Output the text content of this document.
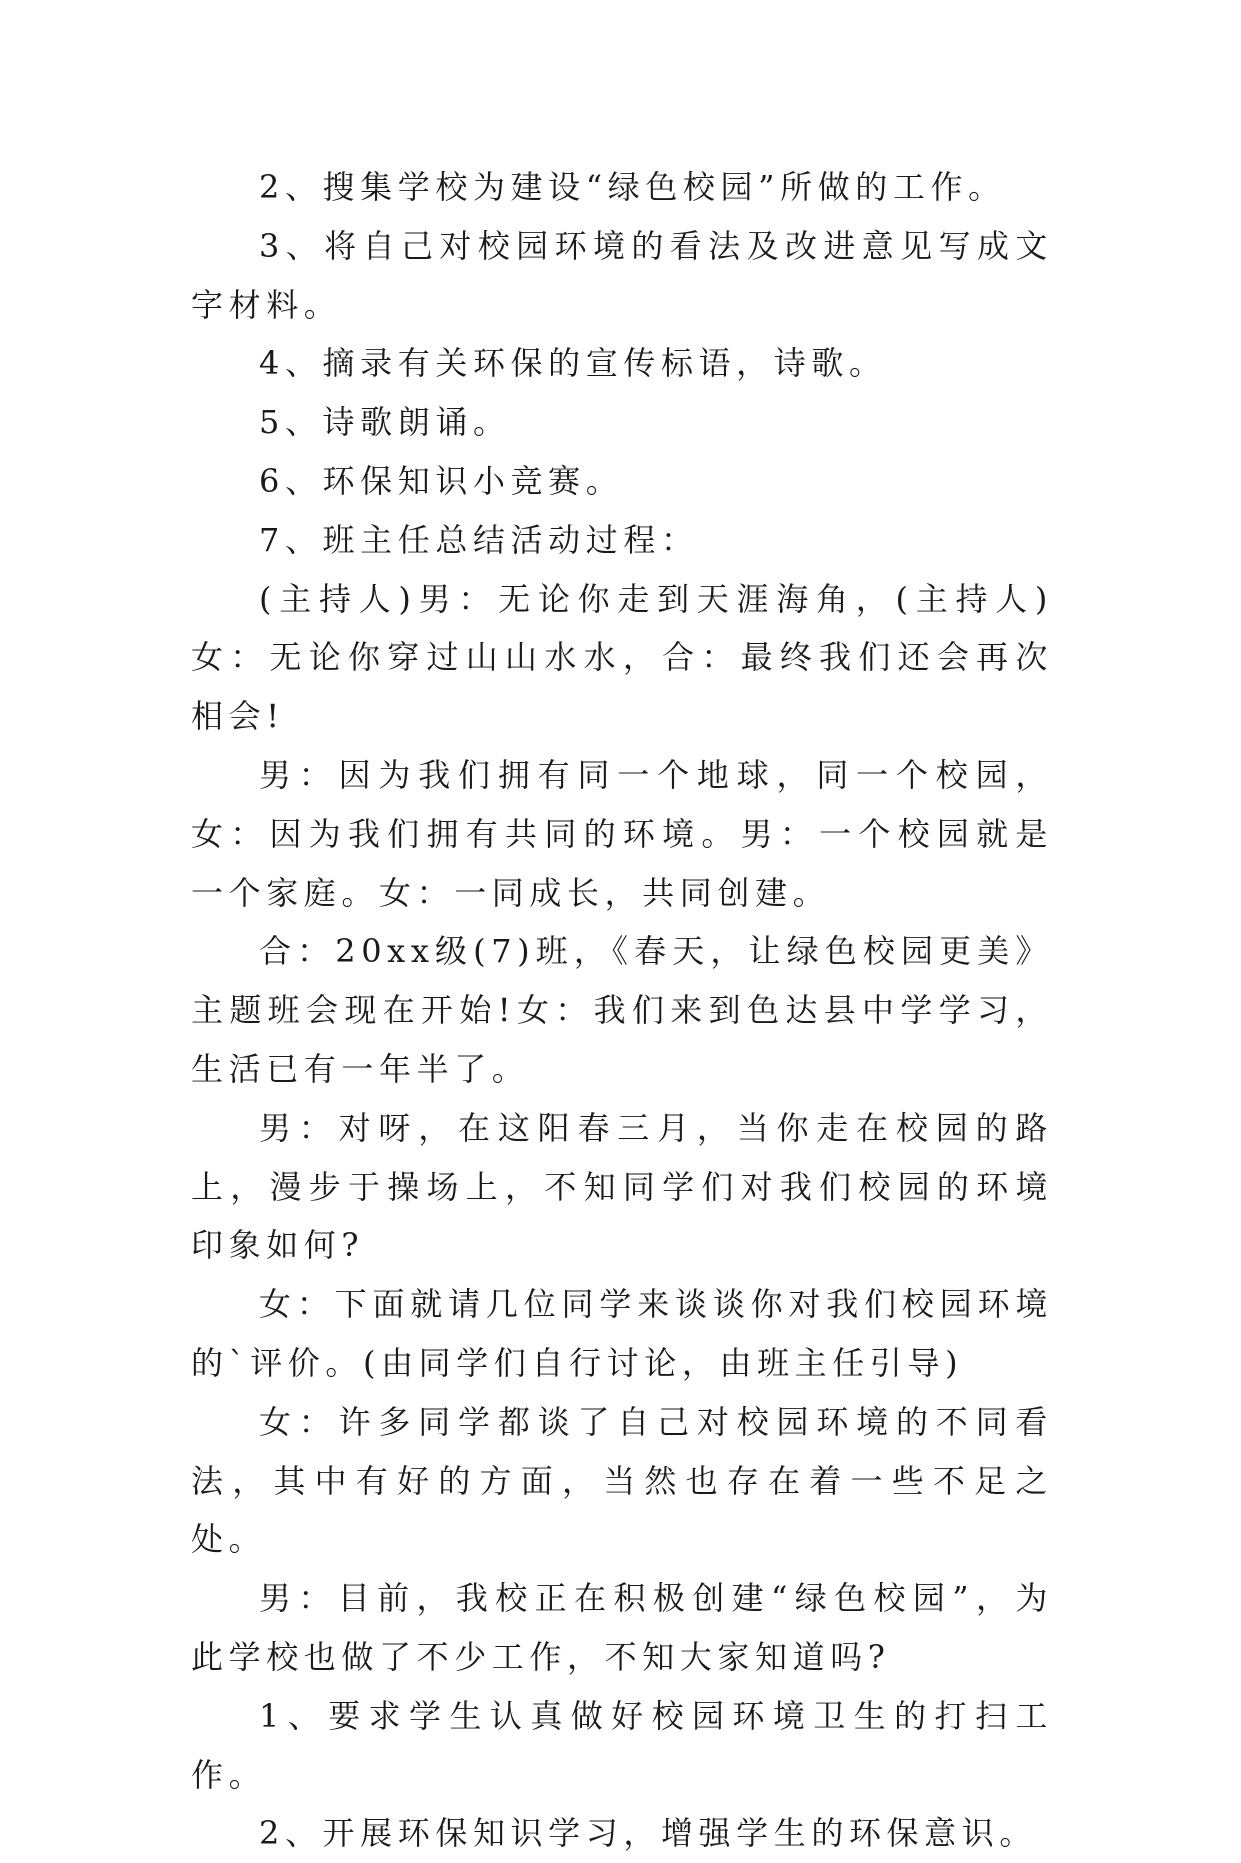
2、搜集学校为建设“绿色校园”所做的工作。

3、将自己对校园环境的看法及改进意见写成文字材料。

4、摘录有关环保的宣传标语，诗歌。

5、诗歌朗诵。

6、环保知识小竞赛。

7、班主任总结活动过程：

(主持人)男：无论你走到天涯海角，(主持人)女：无论你穿过山山水水，合：最终我们还会再次相会!

男：因为我们拥有同一个地球，同一个校园，女：因为我们拥有共同的环境。男：一个校园就是一个家庭。女：一同成长，共同创建。

合：20xx级(7)班，《春天，让绿色校园更美》主题班会现在开始!女：我们来到色达县中学学习，生活已有一年半了。

男：对呀，在这阳春三月，当你走在校园的路上，漫步于操场上，不知同学们对我们校园的环境印象如何?

女：下面就请几位同学来谈谈你对我们校园环境的`评价。(由同学们自行讨论，由班主任引导)

女：许多同学都谈了自己对校园环境的不同看法，其中有好的方面，当然也存在着一些不足之处。

男：目前，我校正在积极创建“绿色校园”，为此学校也做了不少工作，不知大家知道吗?

1、要求学生认真做好校园环境卫生的打扫工作。

2、开展环保知识学习，增强学生的环保意识。
